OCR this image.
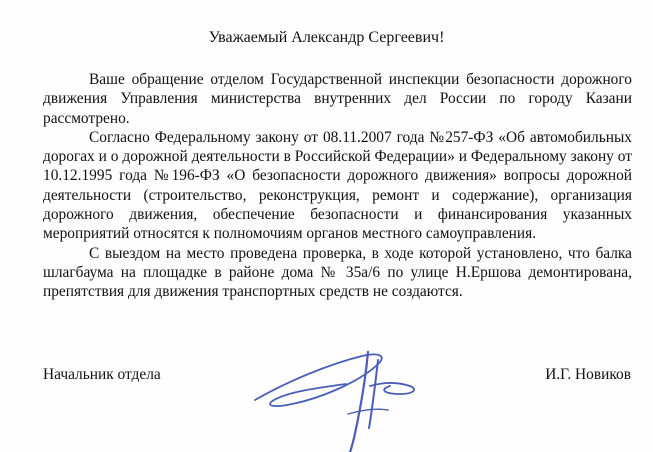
Уважаемый Александр Сергеевич!

Ваше обращение отделом Государственной инспекции безопасности дорожного движения Управления министерства внутренних дел России по городу Казани рассмотрено.

Согласно Федеральному закону от 08.11.2007 года №257-ФЗ «Об автомобильных дорогах и о дорожной деятельности в Российской Федерации» и Федеральному закону от 10.12.1995 года №196-ФЗ «О безопасности дорожного движения» вопросы дорожной деятельности (строительство, реконструкция, ремонт и содержание), организация дорожного движения, обеспечение безопасности и финансирования указанных мероприятий относятся к полномочиям органов местного самоуправления.

С выездом на место проведена проверка, в ходе которой установлено, что балка шлагбаума на площадке в районе дома № 35а/6 по улице Н.Ершова демонтирована, препятствия для движения транспортных средств не создаются.

Начальник отдела	И.Г. Новиков
